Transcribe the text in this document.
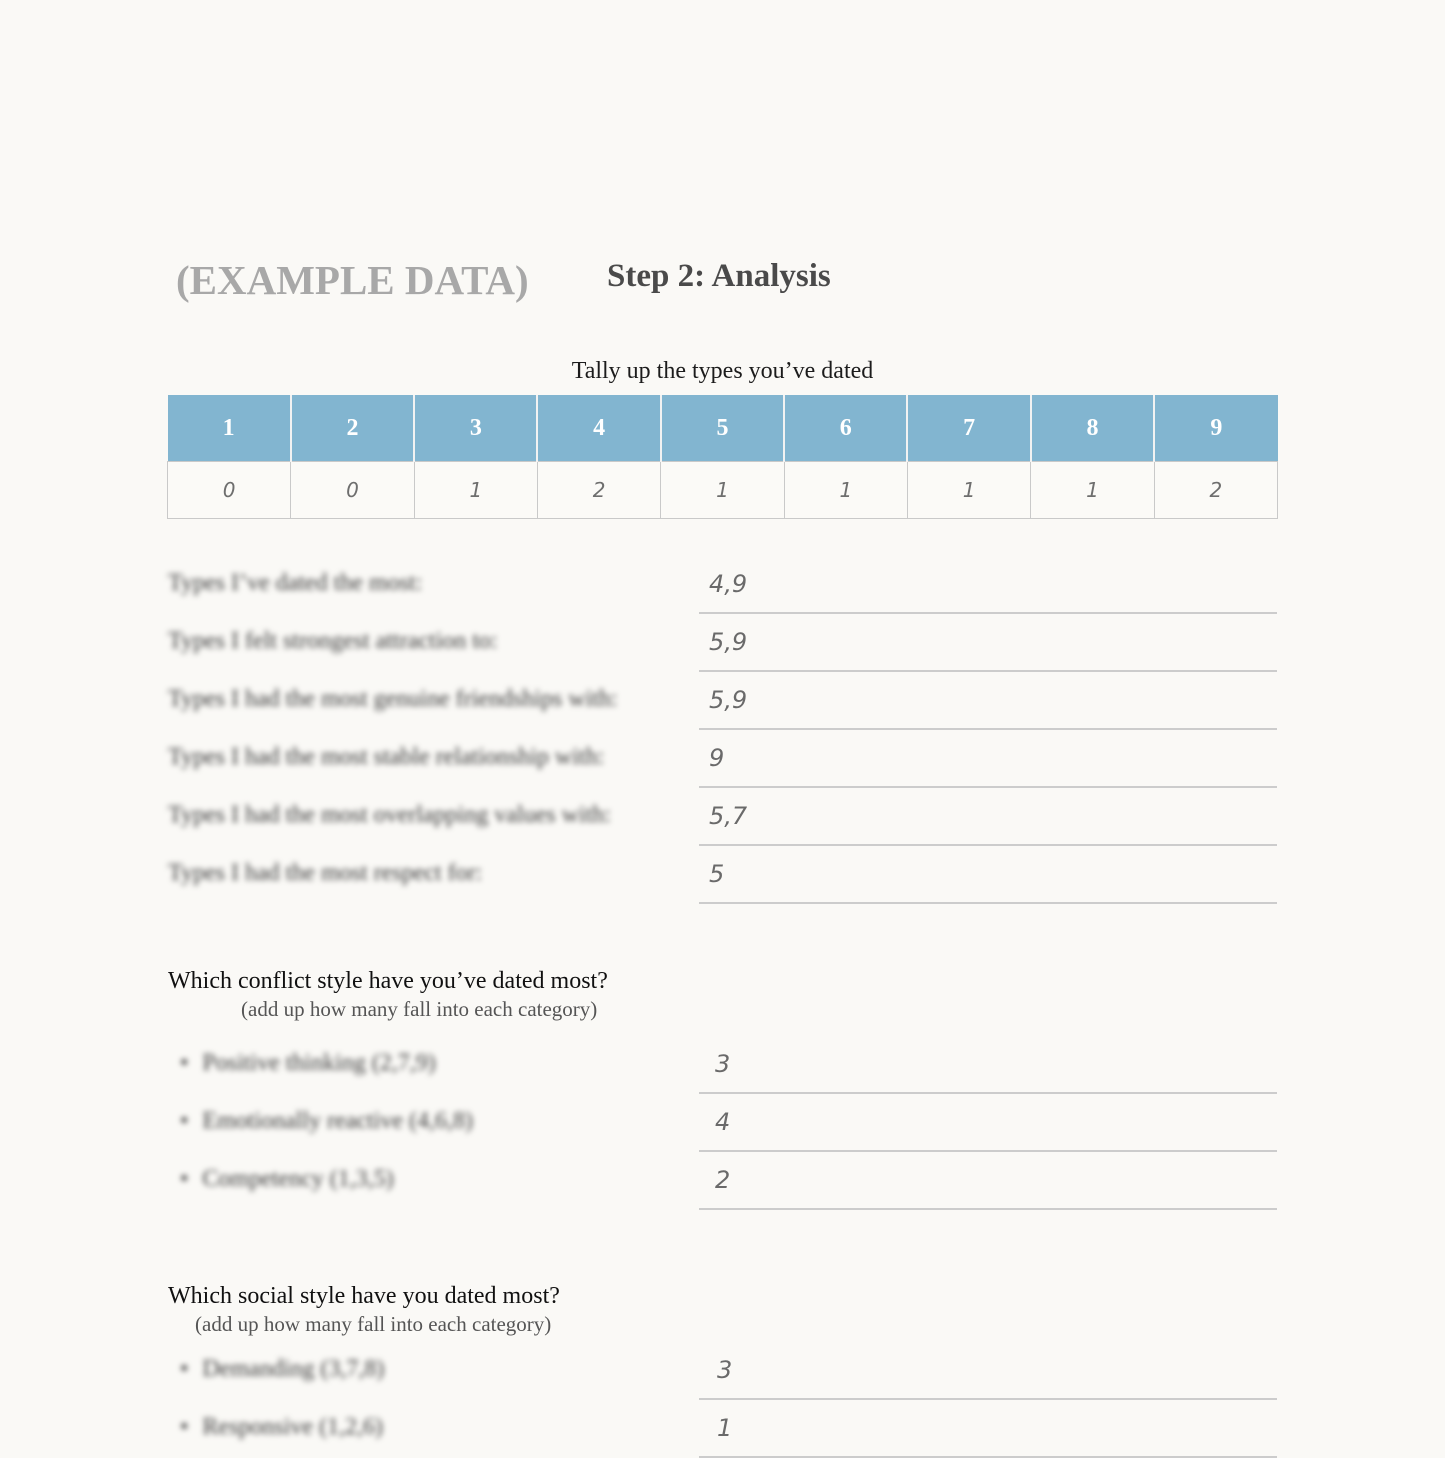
(EXAMPLE DATA) Step 2: Analysis
Tally up the types you’ve dated
1	2	3	4	5	6	7	8	9
0	0	1	2	1	1	1	1	2
Types I’ve dated the most:	4,9
Types I felt strongest attraction to:	5,9
Types I had the most genuine friendships with:	5,9
Types I had the most stable relationship with:	9
Types I had the most overlapping values with:	5,7
Types I had the most respect for:	5
Which conflict style have you’ve dated most?
(add up how many fall into each category)
• Positive thinking (2,7,9)	3
• Emotionally reactive (4,6,8)	4
• Competency (1,3,5)	2
Which social style have you dated most?
(add up how many fall into each category)
• Demanding (3,7,8)	3
• Responsive (1,2,6)	1
